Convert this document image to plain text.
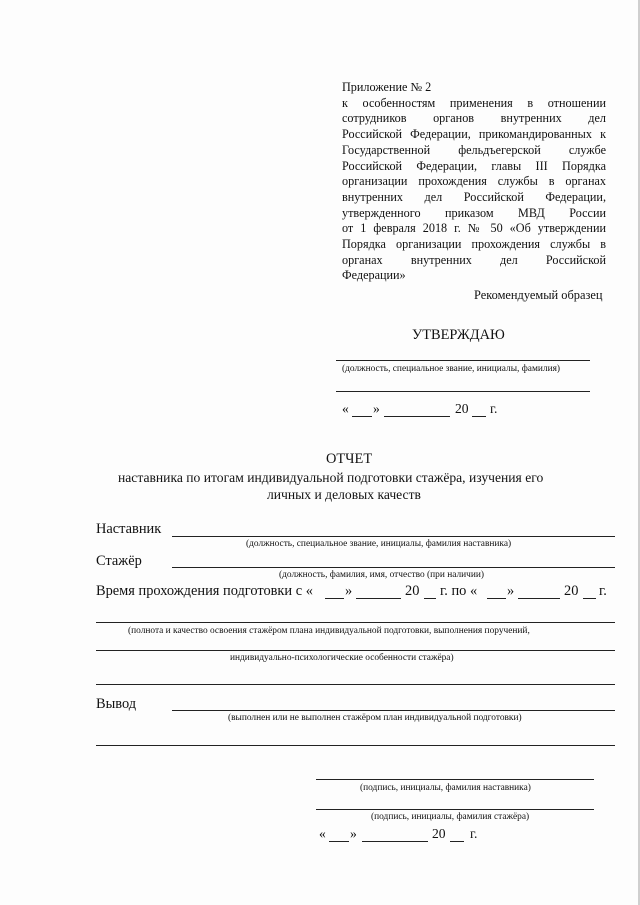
Приложение № 2
к особенностям применения в отношении
сотрудников органов внутренних дел
Российской Федерации, прикомандированных к
Государственной фельдъегерской службе
Российской Федерации, главы III Порядка
организации прохождения службы в органах
внутренних дел Российской Федерации,
утвержденного приказом МВД России
от 1 февраля 2018 г. № 50 «Об утверждении
Порядка организации прохождения службы в
органах внутренних дел Российской
Федерации»
Рекомендуемый образец
УТВЕРЖДАЮ
(должность, специальное звание, инициалы, фамилия)
« »	20 г.
ОТЧЕТ
наставника по итогам индивидуальной подготовки стажёра, изучения его
личных и деловых качеств
Наставник
(должность, специальное звание, инициалы, фамилия наставника)
Стажёр
(должность, фамилия, имя, отчество (при наличии)
Время прохождения подготовки с « »	20 г. по « »	20 г.
(полнота и качество освоения стажёром плана индивидуальной подготовки, выполнения поручений,
индивидуально-психологические особенности стажёра)
Вывод
(выполнен или не выполнен стажёром план индивидуальной подготовки)
(подпись, инициалы, фамилия наставника)
(подпись, инициалы, фамилия стажёра)
« »	20 г.
